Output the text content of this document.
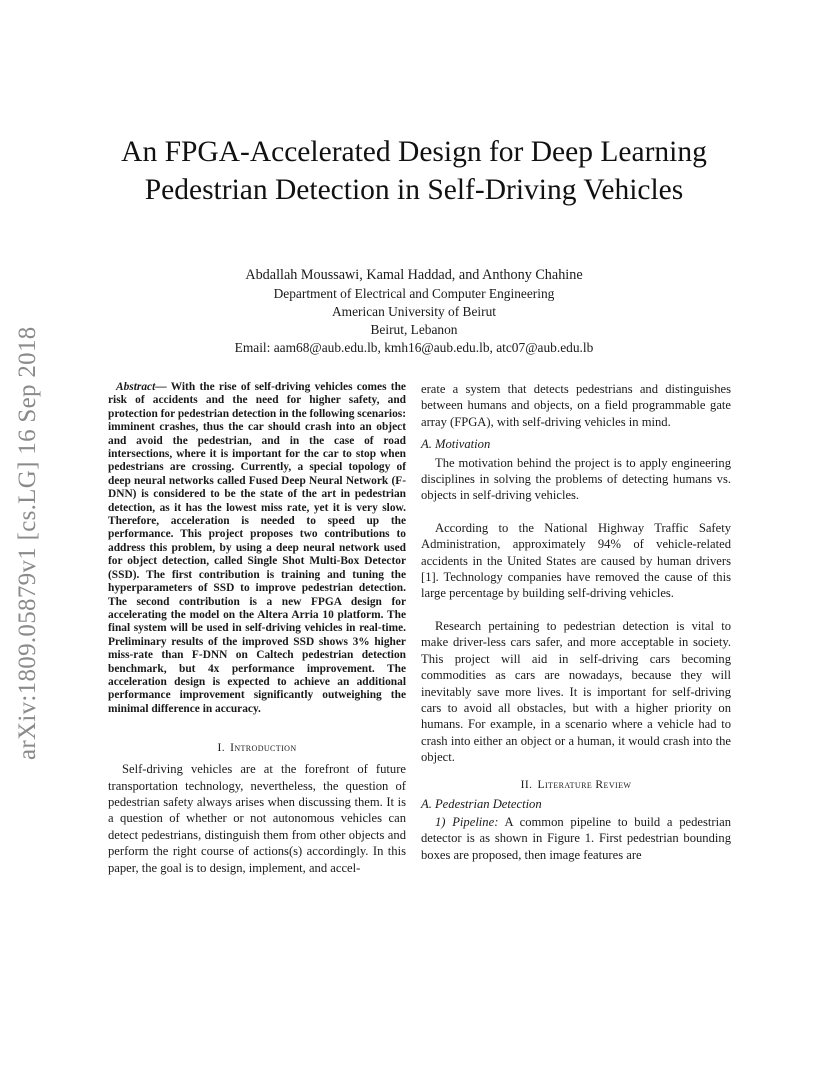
arXiv:1809.05879v1 [cs.LG] 16 Sep 2018
An FPGA-Accelerated Design for Deep Learning Pedestrian Detection in Self-Driving Vehicles
Abdallah Moussawi, Kamal Haddad, and Anthony Chahine
Department of Electrical and Computer Engineering
American University of Beirut
Beirut, Lebanon
Email: aam68@aub.edu.lb, kmh16@aub.edu.lb, atc07@aub.edu.lb

Abstract— With the rise of self-driving vehicles comes the risk of accidents and the need for higher safety, and protection for pedestrian detection in the following scenarios: imminent crashes, thus the car should crash into an object and avoid the pedestrian, and in the case of road intersections, where it is important for the car to stop when pedestrians are crossing. Currently, a special topology of deep neural networks called Fused Deep Neural Network (F-DNN) is considered to be the state of the art in pedestrian detection, as it has the lowest miss rate, yet it is very slow. Therefore, acceleration is needed to speed up the performance. This project proposes two contributions to address this problem, by using a deep neural network used for object detection, called Single Shot Multi-Box Detector (SSD). The first contribution is training and tuning the hyperparameters of SSD to improve pedestrian detection. The second contribution is a new FPGA design for accelerating the model on the Altera Arria 10 platform. The final system will be used in self-driving vehicles in real-time. Preliminary results of the improved SSD shows 3% higher miss-rate than F-DNN on Caltech pedestrian detection benchmark, but 4x performance improvement. The acceleration design is expected to achieve an additional performance improvement significantly outweighing the minimal difference in accuracy.

I. Introduction

Self-driving vehicles are at the forefront of future transportation technology, nevertheless, the question of pedestrian safety always arises when discussing them. It is a question of whether or not autonomous vehicles can detect pedestrians, distinguish them from other objects and perform the right course of actions(s) accordingly. In this paper, the goal is to design, implement, and accel-

erate a system that detects pedestrians and distinguishes between humans and objects, on a field programmable gate array (FPGA), with self-driving vehicles in mind.

A. Motivation

The motivation behind the project is to apply engineering disciplines in solving the problems of detecting humans vs. objects in self-driving vehicles.

According to the National Highway Traffic Safety Administration, approximately 94% of vehicle-related accidents in the United States are caused by human drivers [1]. Technology companies have removed the cause of this large percentage by building self-driving vehicles.

Research pertaining to pedestrian detection is vital to make driver-less cars safer, and more acceptable in society. This project will aid in self-driving cars becoming commodities as cars are nowadays, because they will inevitably save more lives. It is important for self-driving cars to avoid all obstacles, but with a higher priority on humans. For example, in a scenario where a vehicle had to crash into either an object or a human, it would crash into the object.

II. Literature Review

A. Pedestrian Detection

1) Pipeline: A common pipeline to build a pedestrian detector is as shown in Figure 1. First pedestrian bounding boxes are proposed, then image features are
